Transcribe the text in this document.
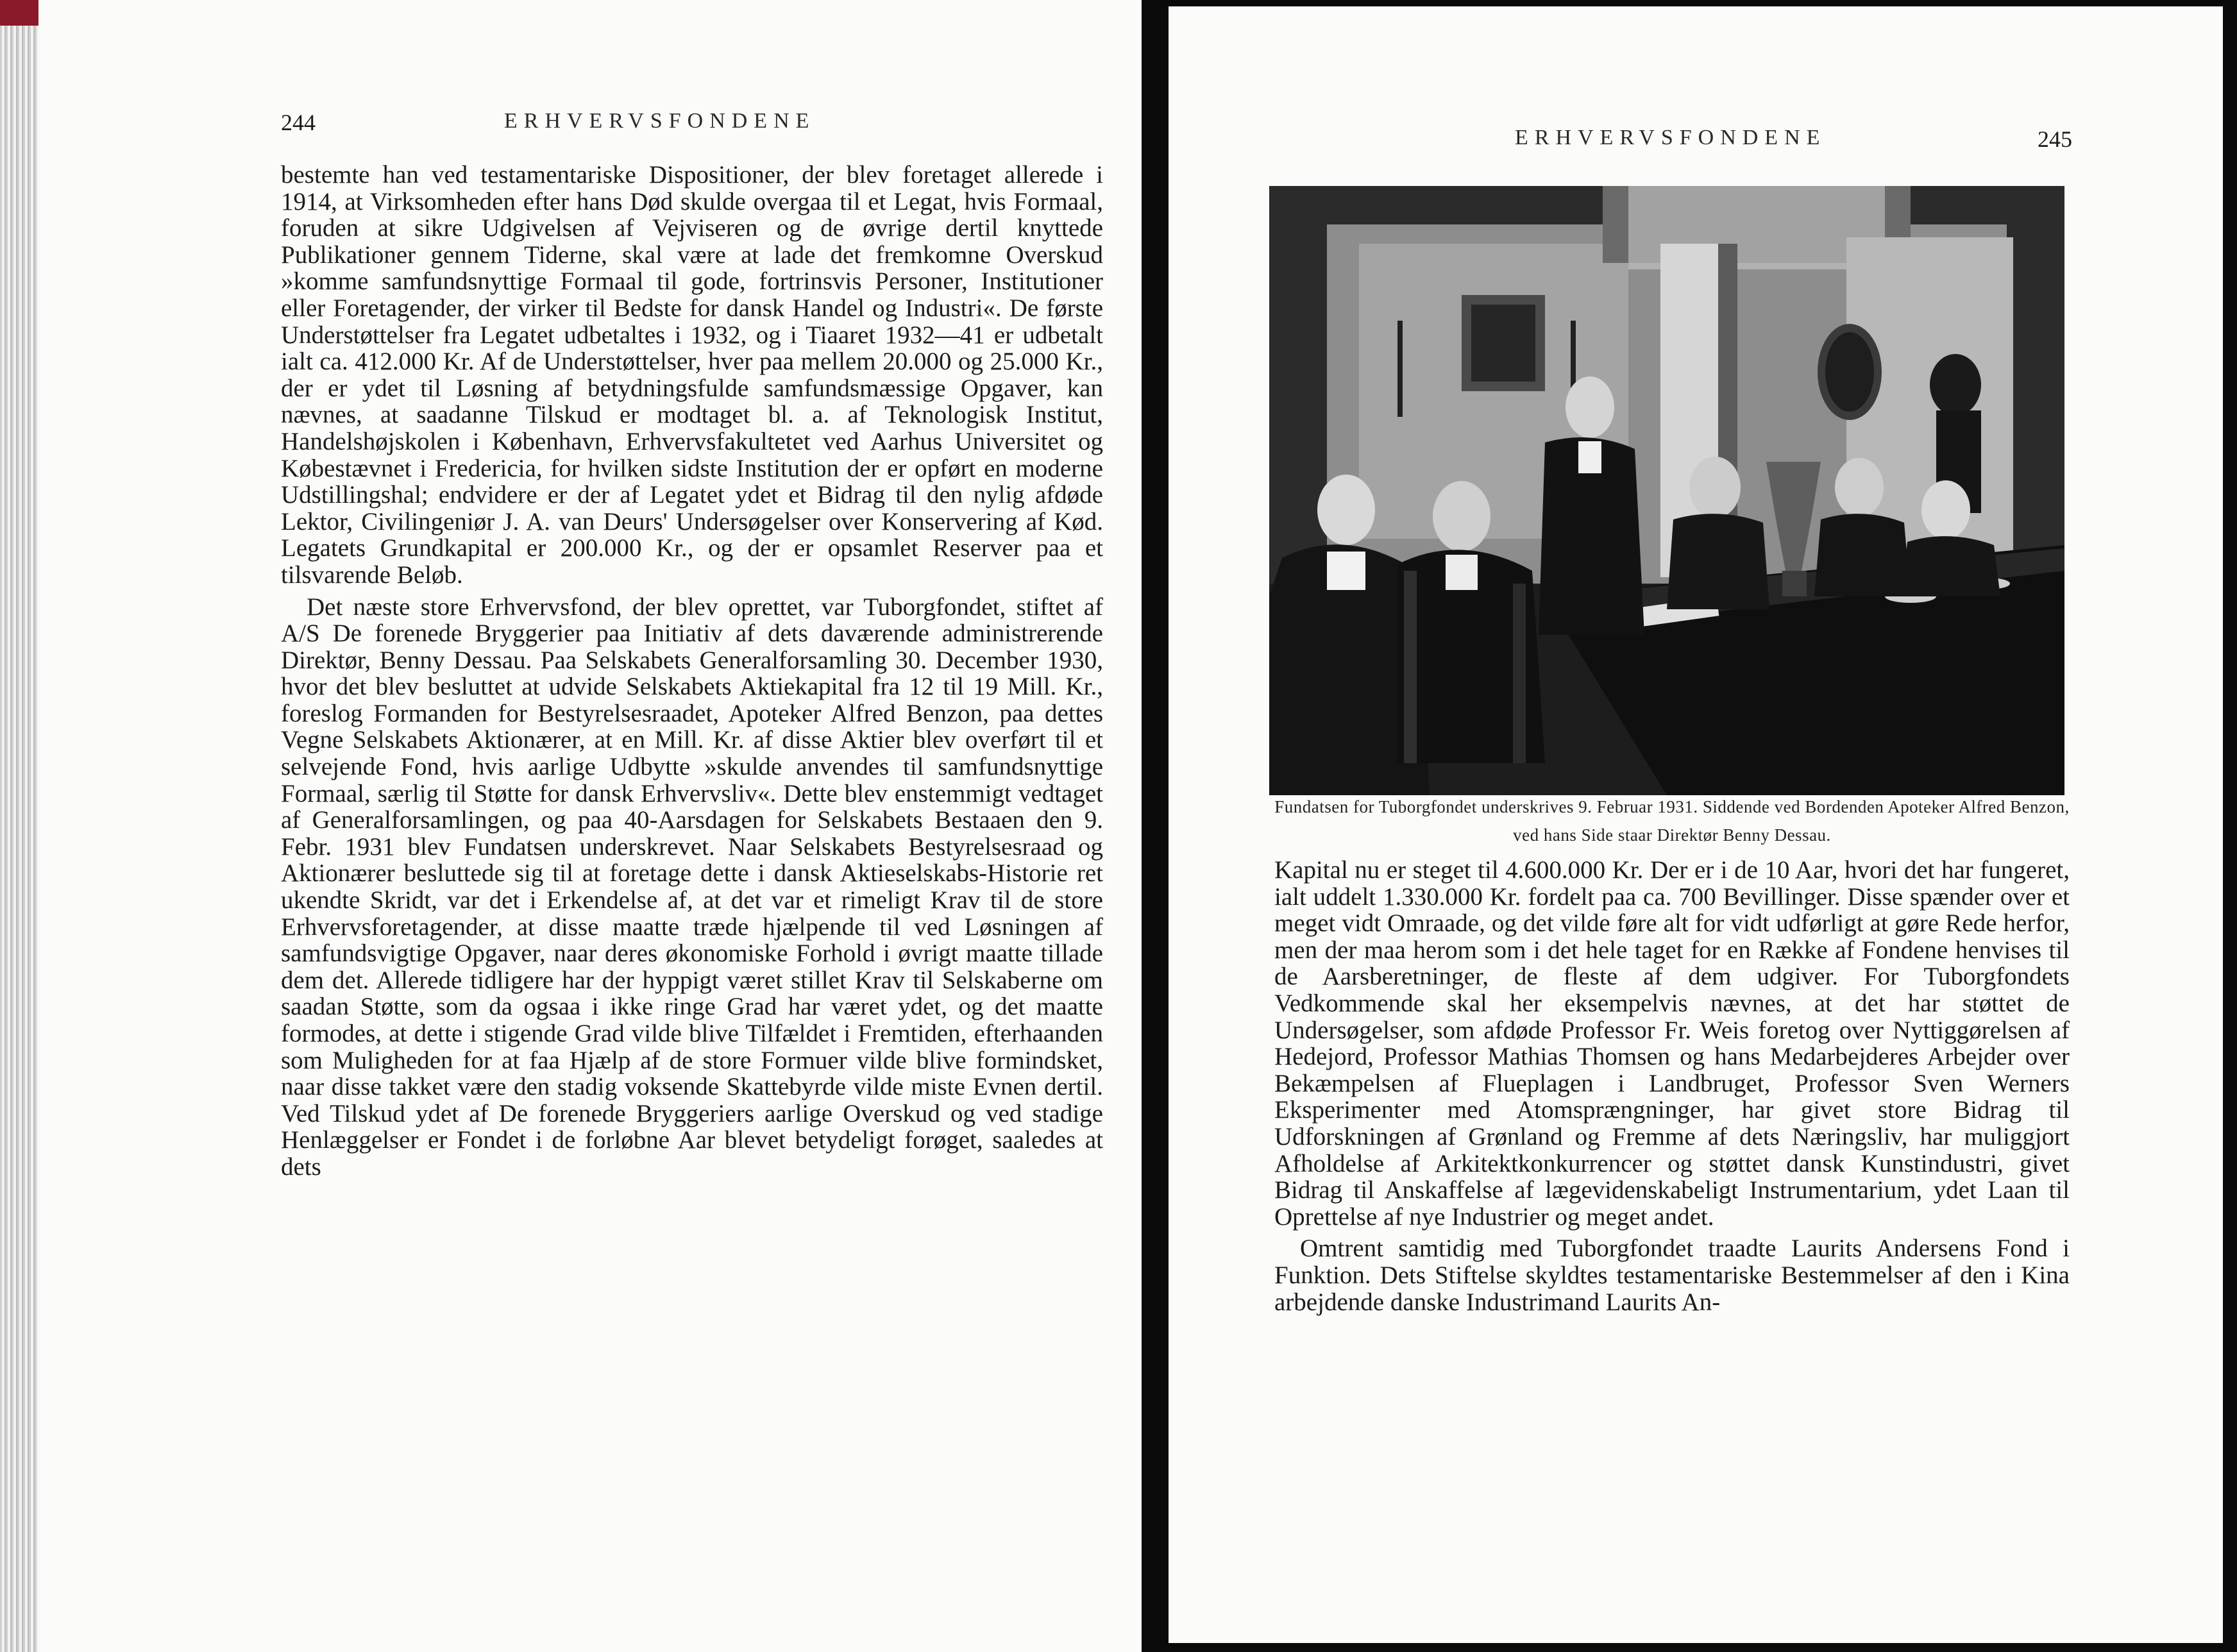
244	ERHVERVSFONDENE

bestemte han ved testamentariske Dispositioner, der blev foretaget allerede i 1914, at Virksomheden efter hans Død skulde overgaa til et Legat, hvis Formaal, foruden at sikre Udgivelsen af Vejviseren og de øvrige dertil knyttede Publikationer gennem Tiderne, skal være at lade det fremkomne Overskud »komme samfundsnyttige Formaal til gode, fortrinsvis Personer, Institutioner eller Foretagender, der virker til Bedste for dansk Handel og Industri«. De første Understøttelser fra Legatet udbetaltes i 1932, og i Tiaaret 1932—41 er udbetalt ialt ca. 412.000 Kr. Af de Understøttelser, hver paa mellem 20.000 og 25.000 Kr., der er ydet til Løsning af betydningsfulde samfundsmæssige Opgaver, kan nævnes, at saadanne Tilskud er modtaget bl. a. af Teknologisk Institut, Handelshøjskolen i København, Erhvervsfakultetet ved Aarhus Universitet og Købestævnet i Fredericia, for hvilken sidste Institution der er opført en moderne Udstillingshal; endvidere er der af Legatet ydet et Bidrag til den nylig afdøde Lektor, Civilingeniør J. A. van Deurs' Undersøgelser over Konservering af Kød. Legatets Grundkapital er 200.000 Kr., og der er opsamlet Reserver paa et tilsvarende Beløb.

Det næste store Erhvervsfond, der blev oprettet, var Tuborgfondet, stiftet af A/S De forenede Bryggerier paa Initiativ af dets daværende administrerende Direktør, Benny Dessau. Paa Selskabets Generalforsamling 30. December 1930, hvor det blev besluttet at udvide Selskabets Aktiekapital fra 12 til 19 Mill. Kr., foreslog Formanden for Bestyrelsesraadet, Apoteker Alfred Benzon, paa dettes Vegne Selskabets Aktionærer, at en Mill. Kr. af disse Aktier blev overført til et selvejende Fond, hvis aarlige Udbytte »skulde anvendes til samfundsnyttige Formaal, særlig til Støtte for dansk Erhvervsliv«. Dette blev enstemmigt vedtaget af Generalforsamlingen, og paa 40-Aarsdagen for Selskabets Bestaaen den 9. Febr. 1931 blev Fundatsen underskrevet. Naar Selskabets Bestyrelsesraad og Aktionærer besluttede sig til at foretage dette i dansk Aktieselskabs-Historie ret ukendte Skridt, var det i Erkendelse af, at det var et rimeligt Krav til de store Erhvervsforetagender, at disse maatte træde hjælpende til ved Løsningen af samfundsvigtige Opgaver, naar deres økonomiske Forhold i øvrigt maatte tillade dem det. Allerede tidligere har der hyppigt været stillet Krav til Selskaberne om saadan Støtte, som da ogsaa i ikke ringe Grad har været ydet, og det maatte formodes, at dette i stigende Grad vilde blive Tilfældet i Fremtiden, efterhaanden som Muligheden for at faa Hjælp af de store Formuer vilde blive formindsket, naar disse takket være den stadig voksende Skattebyrde vilde miste Evnen dertil. Ved Tilskud ydet af De forenede Bryggeriers aarlige Overskud og ved stadige Henlæggelser er Fondet i de forløbne Aar blevet betydeligt forøget, saaledes at dets

ERHVERVSFONDENE	245
Fundatsen for Tuborgfondet underskrives 9. Februar 1931. Siddende ved Bordenden Apoteker Alfred Benzon, ved hans Side staar Direktør Benny Dessau.

Kapital nu er steget til 4.600.000 Kr. Der er i de 10 Aar, hvori det har fungeret, ialt uddelt 1.330.000 Kr. fordelt paa ca. 700 Bevillinger. Disse spænder over et meget vidt Omraade, og det vilde føre alt for vidt udførligt at gøre Rede herfor, men der maa herom som i det hele taget for en Række af Fondene henvises til de Aarsberetninger, de fleste af dem udgiver. For Tuborgfondets Vedkommende skal her eksempelvis nævnes, at det har støttet de Undersøgelser, som afdøde Professor Fr. Weis foretog over Nyttiggørelsen af Hedejord, Professor Mathias Thomsen og hans Medarbejderes Arbejder over Bekæmpelsen af Flueplagen i Landbruget, Professor Sven Werners Eksperimenter med Atomsprængninger, har givet store Bidrag til Udforskningen af Grønland og Fremme af dets Næringsliv, har muliggjort Afholdelse af Arkitektkonkurrencer og støttet dansk Kunstindustri, givet Bidrag til Anskaffelse af lægevidenskabeligt Instrumentarium, ydet Laan til Oprettelse af nye Industrier og meget andet.

Omtrent samtidig med Tuborgfondet traadte Laurits Andersens Fond i Funktion. Dets Stiftelse skyldtes testamentariske Bestemmelser af den i Kina arbejdende danske Industrimand Laurits An-
